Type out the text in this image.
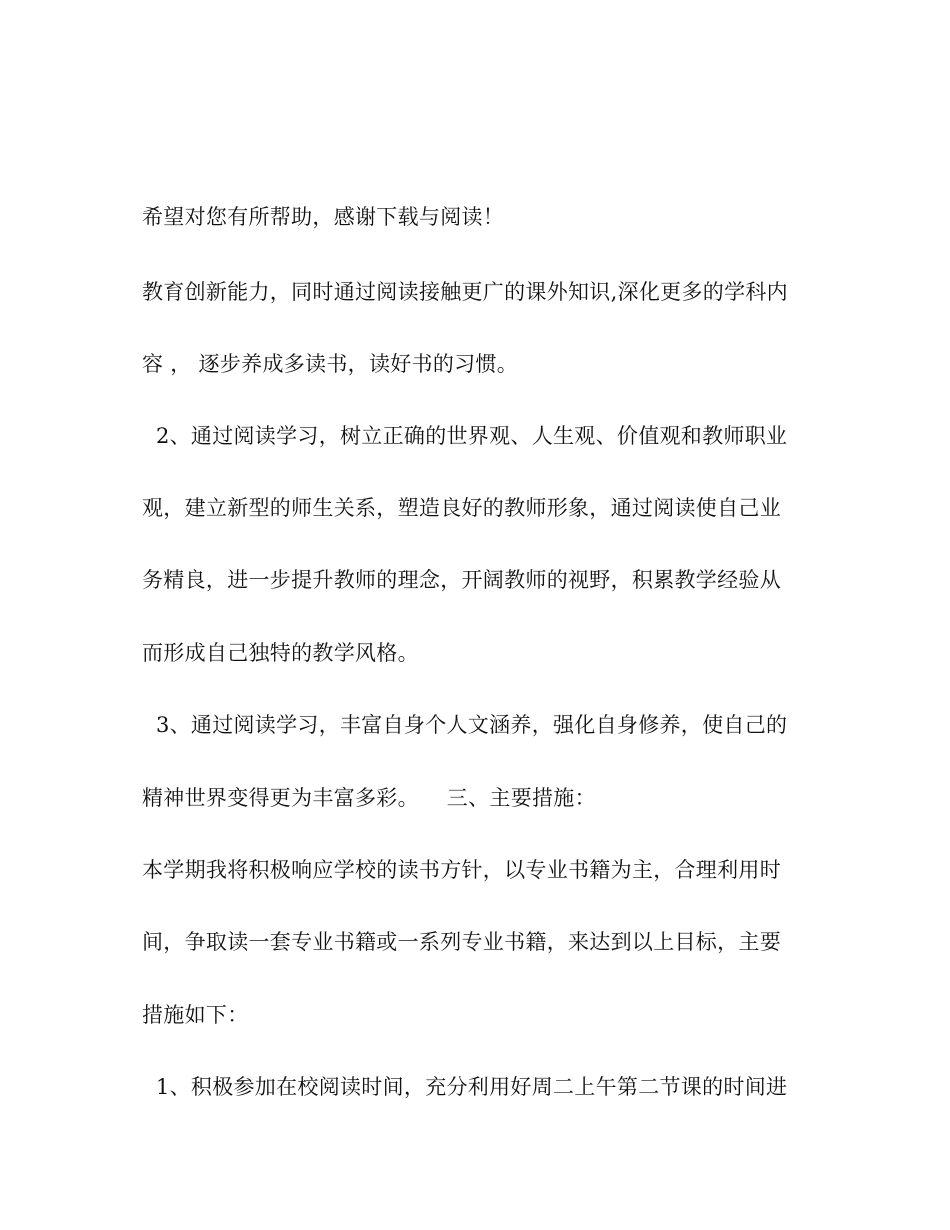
希望对您有所帮助，感谢下载与阅读！
教育创新能力，同时通过阅读接触更广的课外知识,深化更多的学科内
容 ， 逐步养成多读书，读好书的习惯。
2、通过阅读学习，树立正确的世界观、人生观、价值观和教师职业
观，建立新型的师生关系，塑造良好的教师形象，通过阅读使自己业
务精良，进一步提升教师的理念，开阔教师的视野，积累教学经验从
而形成自己独特的教学风格。
3、通过阅读学习，丰富自身个人文涵养，强化自身修养，使自己的
精神世界变得更为丰富多彩。    三、主要措施：
本学期我将积极响应学校的读书方针，以专业书籍为主，合理利用时
间，争取读一套专业书籍或一系列专业书籍，来达到以上目标，主要
措施如下：
1、积极参加在校阅读时间，充分利用好周二上午第二节课的时间进
